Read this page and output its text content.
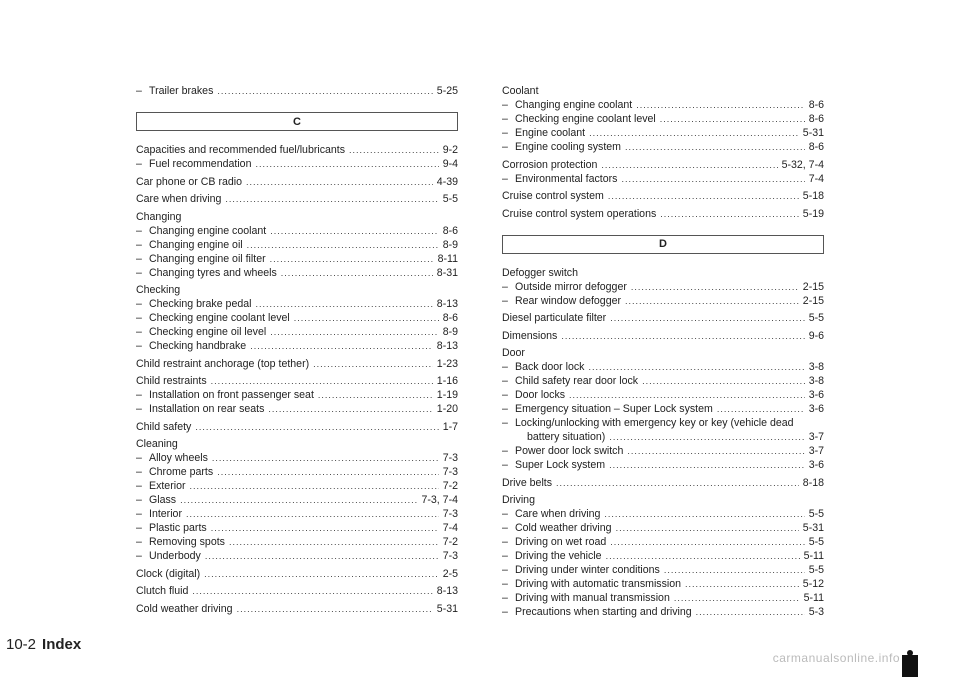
– Trailer brakes .....	5-25
C
Capacities and recommended fuel/lubricants .....	9-2
– Fuel recommendation .....	9-4
Car phone or CB radio .....	4-39
Care when driving .....	5-5
Changing
– Changing engine coolant .....	8-6
– Changing engine oil .....	8-9
– Changing engine oil filter .....	8-11
– Changing tyres and wheels .....	8-31
Checking
– Checking brake pedal .....	8-13
– Checking engine coolant level .....	8-6
– Checking engine oil level .....	8-9
– Checking handbrake .....	8-13
Child restraint anchorage (top tether) .....	1-23
Child restraints .....	1-16
– Installation on front passenger seat .....	1-19
– Installation on rear seats .....	1-20
Child safety .....	1-7
Cleaning
– Alloy wheels .....	7-3
– Chrome parts .....	7-3
– Exterior .....	7-2
– Glass .....	7-3, 7-4
– Interior .....	7-3
– Plastic parts .....	7-4
– Removing spots .....	7-2
– Underbody .....	7-3
Clock (digital) .....	2-5
Clutch fluid .....	8-13
Cold weather driving .....	5-31
Coolant
– Changing engine coolant .....	8-6
– Checking engine coolant level .....	8-6
– Engine coolant .....	5-31
– Engine cooling system .....	8-6
Corrosion protection .....	5-32, 7-4
– Environmental factors .....	7-4
Cruise control system .....	5-18
Cruise control system operations .....	5-19
D
Defogger switch
– Outside mirror defogger .....	2-15
– Rear window defogger .....	2-15
Diesel particulate filter .....	5-5
Dimensions .....	9-6
Door
– Back door lock .....	3-8
– Child safety rear door lock .....	3-8
– Door locks .....	3-6
– Emergency situation – Super Lock system .....	3-6
– Locking/unlocking with emergency key or key (vehicle dead
battery situation) .....	3-7
– Power door lock switch .....	3-7
– Super Lock system .....	3-6
Drive belts .....	8-18
Driving
– Care when driving .....	5-5
– Cold weather driving .....	5-31
– Driving on wet road .....	5-5
– Driving the vehicle .....	5-11
– Driving under winter conditions .....	5-5
– Driving with automatic transmission .....	5-12
– Driving with manual transmission .....	5-11
– Precautions when starting and driving .....	5-3
10-2 Index
carmanualsonline.info
